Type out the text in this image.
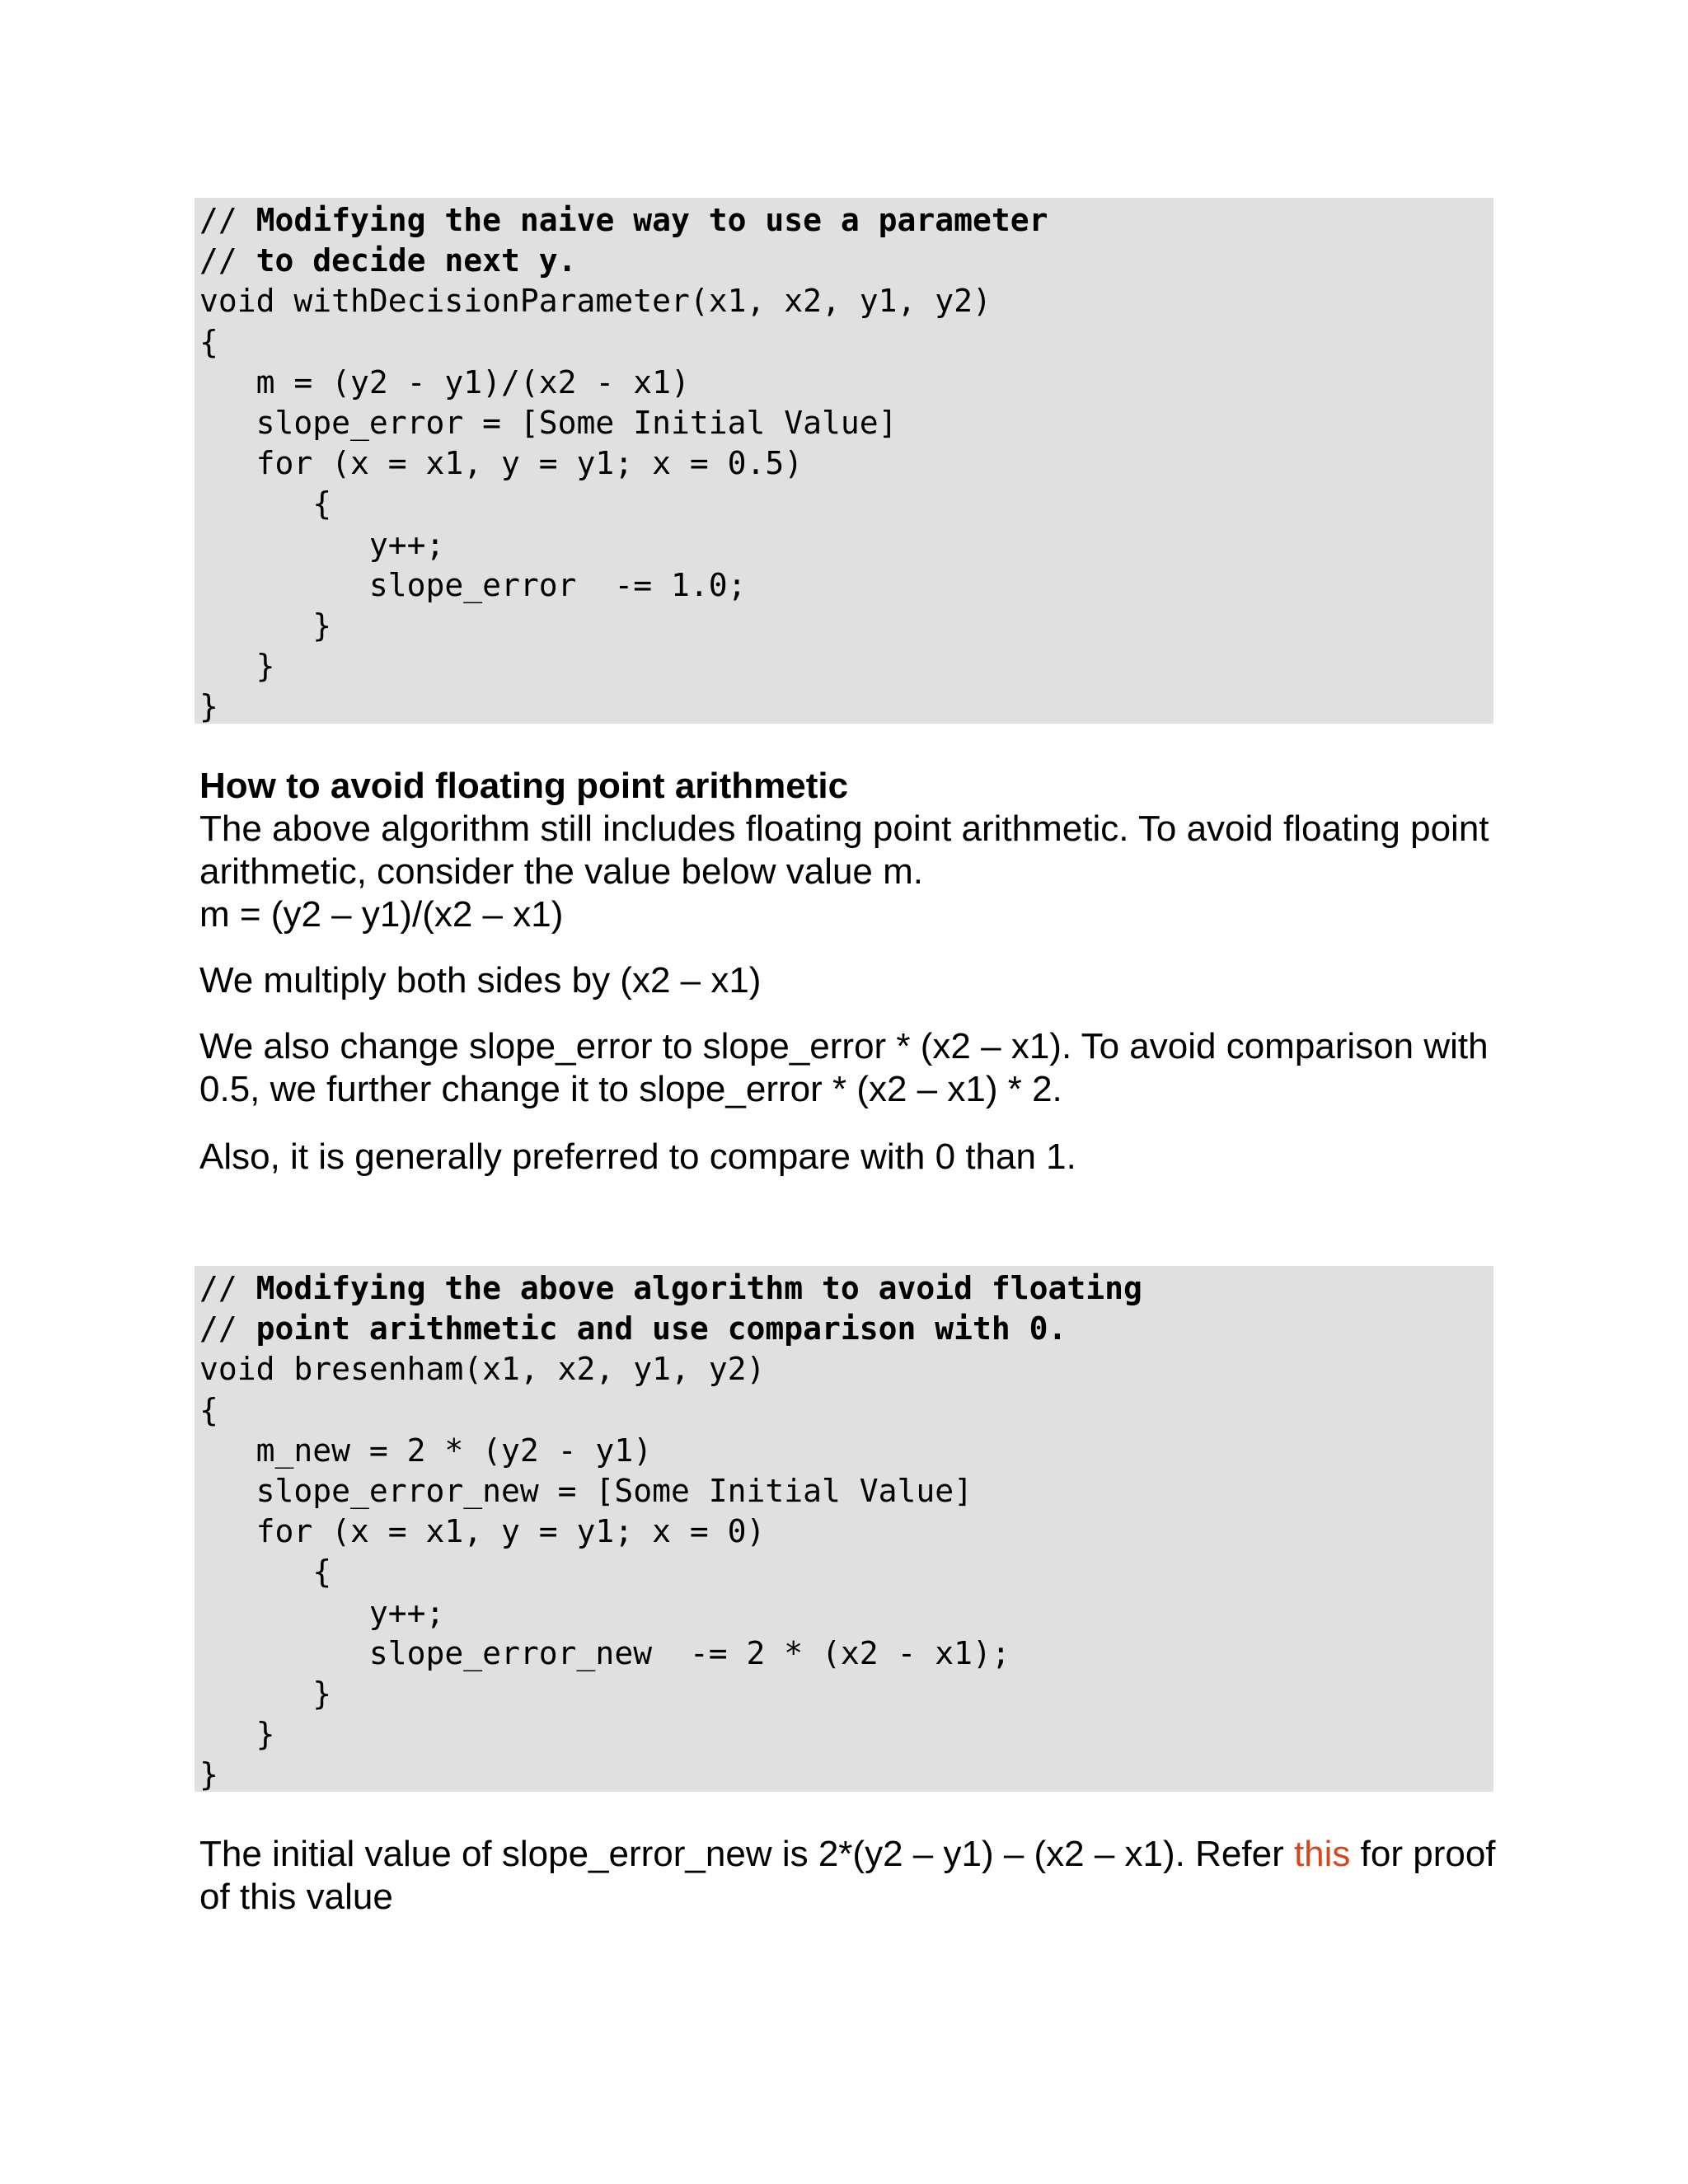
// Modifying the naive way to use a parameter
// to decide next y.
void withDecisionParameter(x1, x2, y1, y2)
{
m = (y2 - y1)/(x2 - x1)
slope_error = [Some Initial Value]
for (x = x1, y = y1; x = 0.5)
{
y++;
slope_error  -= 1.0;
}
}
}

How to avoid floating point arithmetic

The above algorithm still includes floating point arithmetic. To avoid floating point arithmetic, consider the value below value m.

m = (y2 – y1)/(x2 – x1)

We multiply both sides by (x2 – x1)

We also change slope_error to slope_error * (x2 – x1). To avoid comparison with 0.5, we further change it to slope_error * (x2 – x1) * 2.

Also, it is generally preferred to compare with 0 than 1.

// Modifying the above algorithm to avoid floating
// point arithmetic and use comparison with 0.
void bresenham(x1, x2, y1, y2)
{
m_new = 2 * (y2 - y1)
slope_error_new = [Some Initial Value]
for (x = x1, y = y1; x = 0)
{
y++;
slope_error_new  -= 2 * (x2 - x1);
}
}
}

The initial value of slope_error_new is 2*(y2 – y1) – (x2 – x1). Refer this for proof of this value
